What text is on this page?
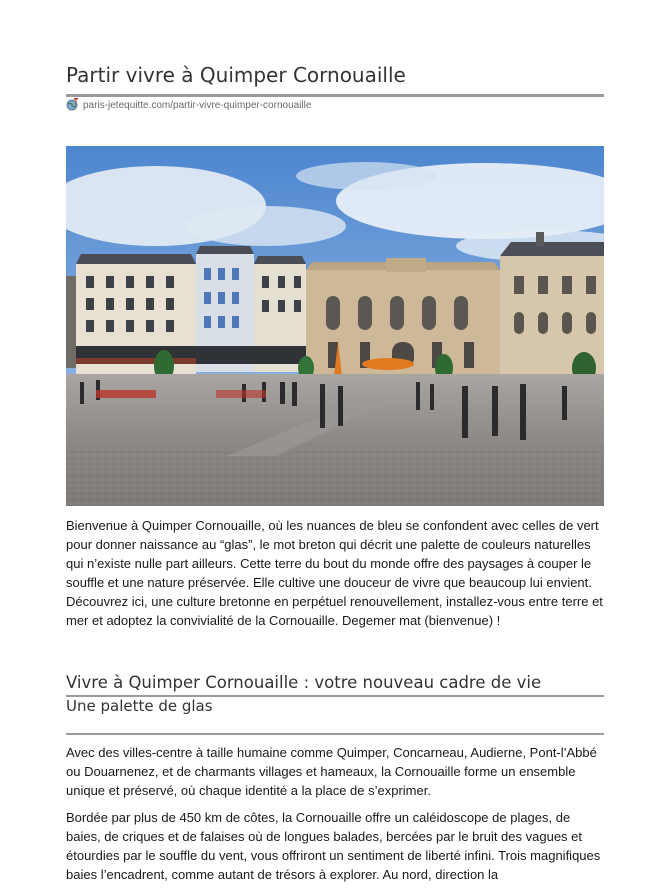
Partir vivre à Quimper Cornouaille
paris-jetequitte.com/partir-vivre-quimper-cornouaille

Bienvenue à Quimper Cornouaille, où les nuances de bleu se confondent avec celles de vert pour donner naissance au “glas”, le mot breton qui décrit une palette de couleurs naturelles qui n’existe nulle part ailleurs. Cette terre du bout du monde offre des paysages à couper le souffle et une nature préservée. Elle cultive une douceur de vivre que beaucoup lui envient. Découvrez ici, une culture bretonne en perpétuel renouvellement, installez-vous entre terre et mer et adoptez la convivialité de la Cornouaille. Degemer mat (bienvenue) !

Vivre à Quimper Cornouaille : votre nouveau cadre de vie
Une palette de glas

Avec des villes-centre à taille humaine comme Quimper, Concarneau, Audierne, Pont-l’Abbé ou Douarnenez, et de charmants villages et hameaux, la Cornouaille forme un ensemble unique et préservé, où chaque identité a la place de s’exprimer.

Bordée par plus de 450 km de côtes, la Cornouaille offre un caléidoscope de plages, de baies, de criques et de falaises où de longues balades, bercées par le bruit des vagues et étourdies par le souffle du vent, vous offriront un sentiment de liberté infini. Trois magnifiques baies l’encadrent, comme autant de trésors à explorer. Au nord, direction la
